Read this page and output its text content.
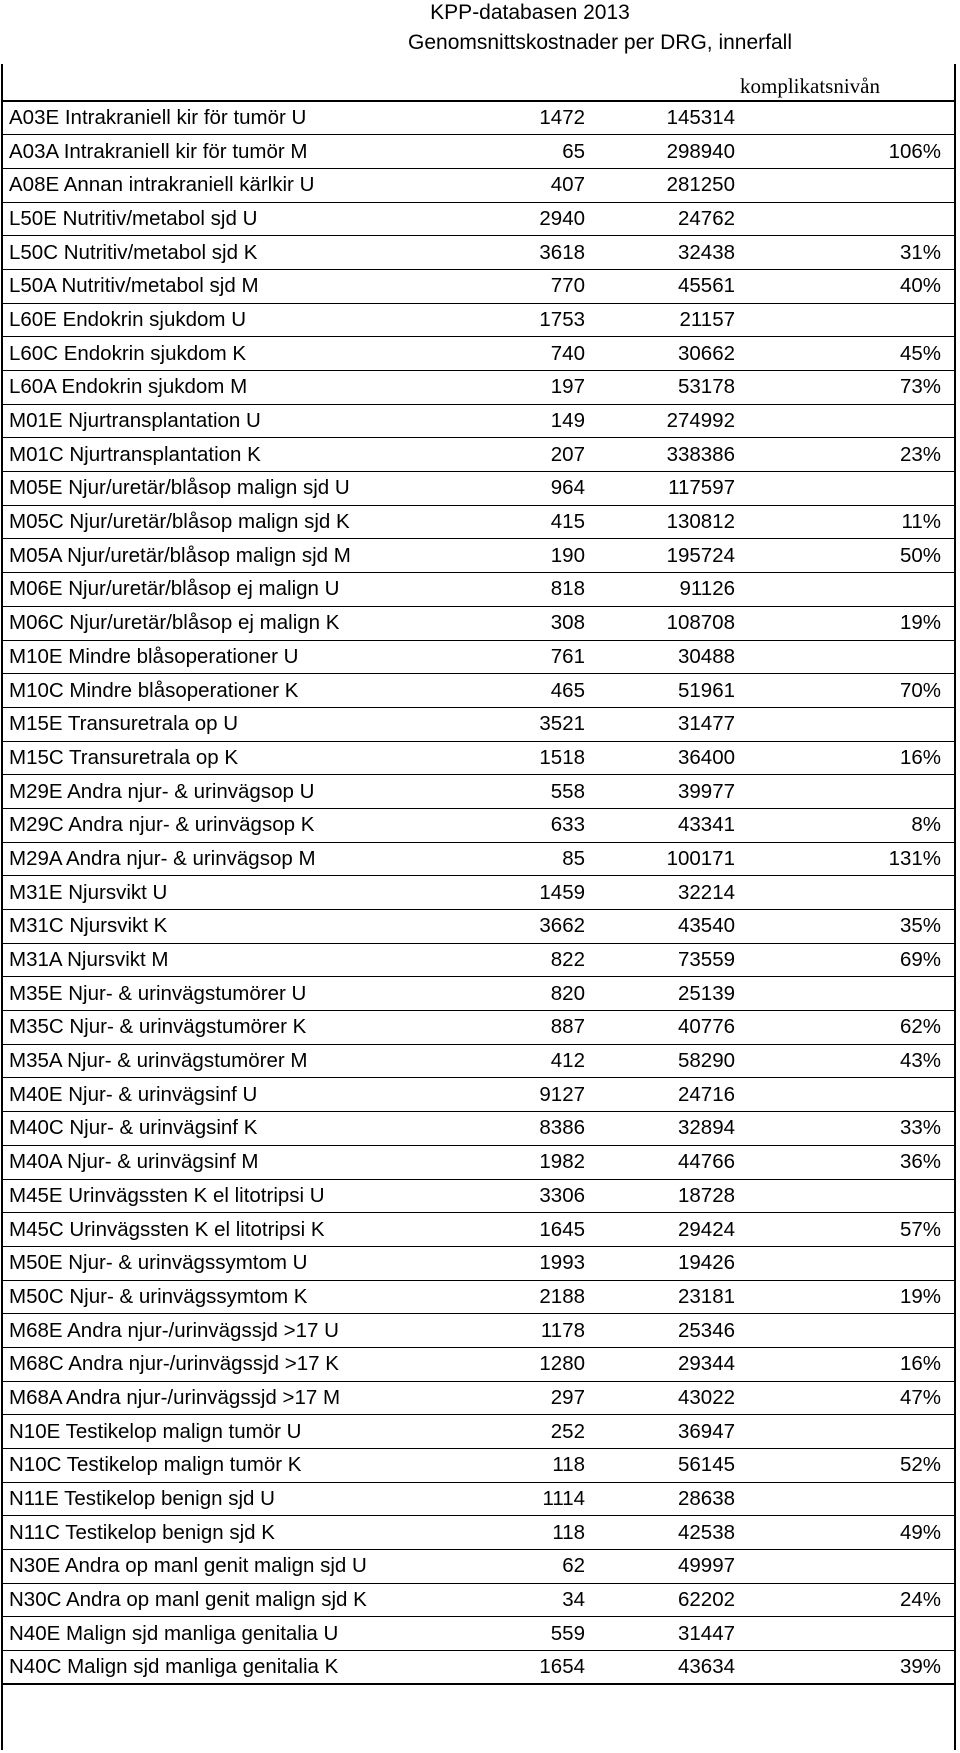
KPP-databasen 2013
Genomsnittskostnader per DRG, innerfall
komplikatsnivån
A03E Intrakraniell kir för tumör U	1472	145314	
A03A Intrakraniell kir för tumör M	65	298940	106%
A08E Annan intrakraniell kärlkir U	407	281250	
L50E Nutritiv/metabol sjd U	2940	24762	
L50C Nutritiv/metabol sjd K	3618	32438	31%
L50A Nutritiv/metabol sjd M	770	45561	40%
L60E Endokrin sjukdom U	1753	21157	
L60C Endokrin sjukdom K	740	30662	45%
L60A Endokrin sjukdom M	197	53178	73%
M01E Njurtransplantation U	149	274992	
M01C Njurtransplantation K	207	338386	23%
M05E Njur/uretär/blåsop malign sjd U	964	117597	
M05C Njur/uretär/blåsop malign sjd K	415	130812	11%
M05A Njur/uretär/blåsop malign sjd M	190	195724	50%
M06E Njur/uretär/blåsop ej malign U	818	91126	
M06C Njur/uretär/blåsop ej malign K	308	108708	19%
M10E Mindre blåsoperationer U	761	30488	
M10C Mindre blåsoperationer K	465	51961	70%
M15E Transuretrala op U	3521	31477	
M15C Transuretrala op K	1518	36400	16%
M29E Andra njur- & urinvägsop U	558	39977	
M29C Andra njur- & urinvägsop K	633	43341	8%
M29A Andra njur- & urinvägsop M	85	100171	131%
M31E Njursvikt U	1459	32214	
M31C Njursvikt K	3662	43540	35%
M31A Njursvikt M	822	73559	69%
M35E Njur- & urinvägstumörer U	820	25139	
M35C Njur- & urinvägstumörer K	887	40776	62%
M35A Njur- & urinvägstumörer M	412	58290	43%
M40E Njur- & urinvägsinf U	9127	24716	
M40C Njur- & urinvägsinf K	8386	32894	33%
M40A Njur- & urinvägsinf M	1982	44766	36%
M45E Urinvägssten K el litotripsi U	3306	18728	
M45C Urinvägssten K el litotripsi K	1645	29424	57%
M50E Njur- & urinvägssymtom U	1993	19426	
M50C Njur- & urinvägssymtom K	2188	23181	19%
M68E Andra njur-/urinvägssjd >17 U	1178	25346	
M68C Andra njur-/urinvägssjd >17 K	1280	29344	16%
M68A Andra njur-/urinvägssjd >17 M	297	43022	47%
N10E Testikelop malign tumör U	252	36947	
N10C Testikelop malign tumör K	118	56145	52%
N11E Testikelop benign sjd U	1114	28638	
N11C Testikelop benign sjd K	118	42538	49%
N30E Andra op manl genit malign sjd U	62	49997	
N30C Andra op manl genit malign sjd K	34	62202	24%
N40E Malign sjd manliga genitalia U	559	31447	
N40C Malign sjd manliga genitalia K	1654	43634	39%
